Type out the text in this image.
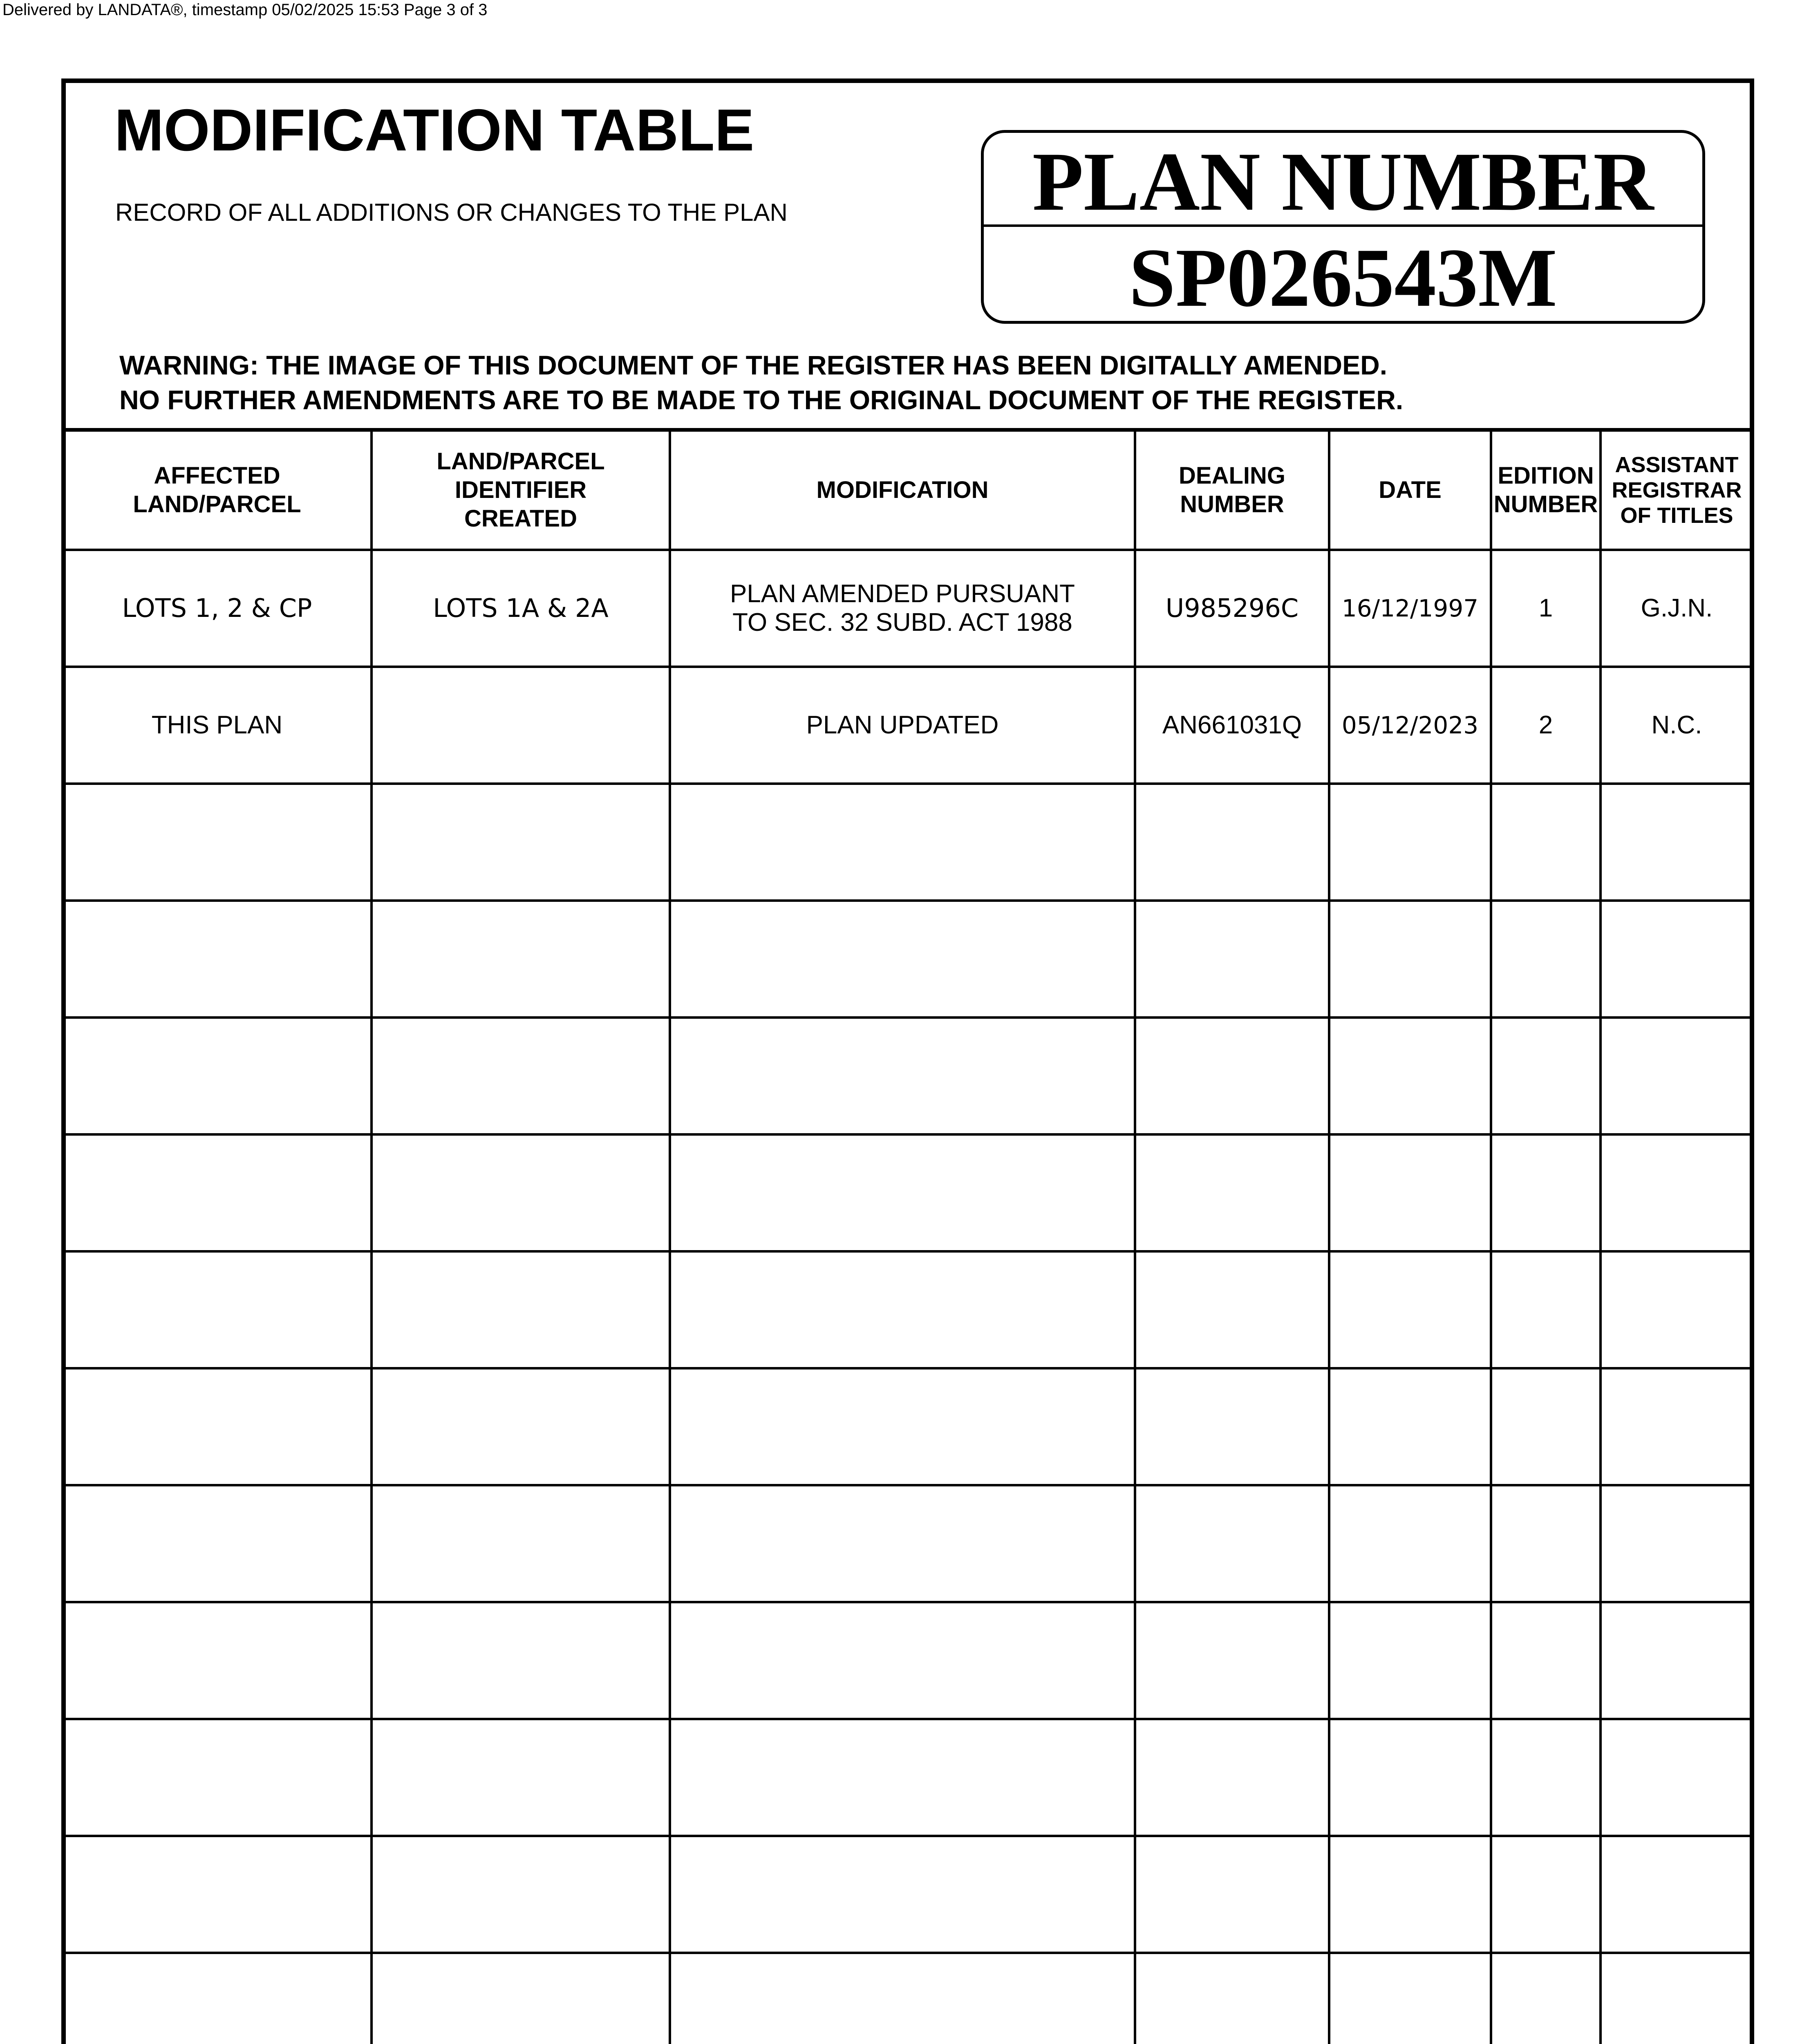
Delivered by LANDATA®, timestamp 05/02/2025 15:53 Page 3 of 3
MODIFICATION TABLE
RECORD OF ALL ADDITIONS OR CHANGES TO THE PLAN	PLAN NUMBER
SP026543M
WARNING: THE IMAGE OF THIS DOCUMENT OF THE REGISTER HAS BEEN DIGITALLY AMENDED.
NO FURTHER AMENDMENTS ARE TO BE MADE TO THE ORIGINAL DOCUMENT OF THE REGISTER.
AFFECTED LAND/PARCEL	LAND/PARCEL IDENTIFIER CREATED	MODIFICATION	DEALING NUMBER	DATE	EDITION NUMBER	ASSISTANT REGISTRAR OF TITLES
LOTS 1, 2 & CP	LOTS 1A & 2A	PLAN AMENDED PURSUANT TO SEC. 32 SUBD. ACT 1988	U985296C	16/12/1997	1	G.J.N.
THIS PLAN		PLAN UPDATED	AN661031Q	05/12/2023	2	N.C.
